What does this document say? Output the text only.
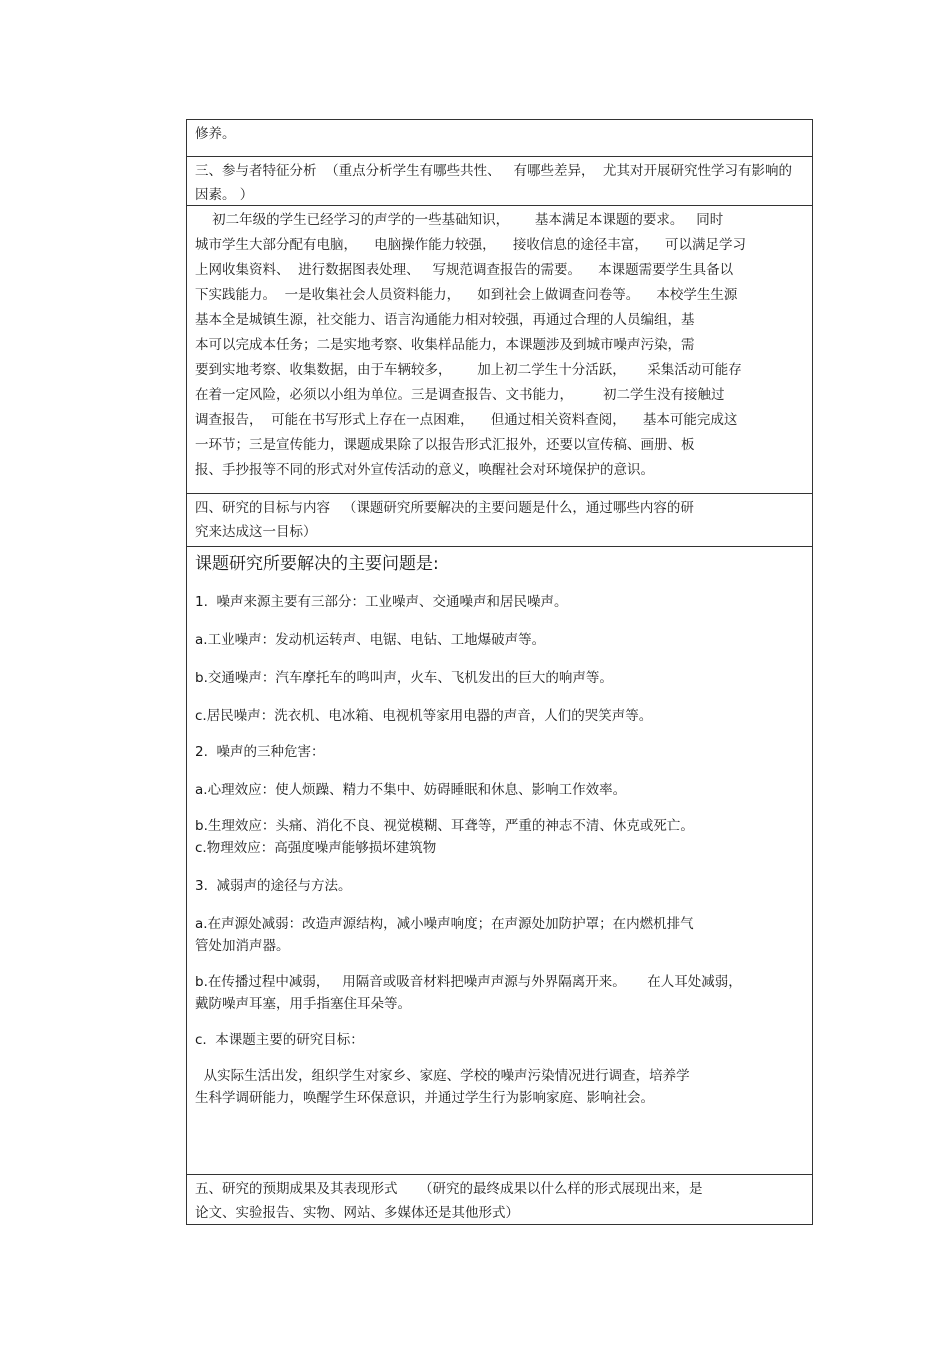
修养。
三、参与者特征分析  （重点分析学生有哪些共性、   有哪些差异，  尤其对开展研究性学习有影响的因素。 ）
初二年级的学生已经学习的声学的一些基础知识，      基本满足本课题的要求。   同时
城市学生大部分配有电脑，    电脑操作能力较强，    接收信息的途径丰富，    可以满足学习
上网收集资料、  进行数据图表处理、   写规范调查报告的需要。    本课题需要学生具备以
下实践能力。  一是收集社会人员资料能力，    如到社会上做调查问卷等。    本校学生生源
基本全是城镇生源，社交能力、语言沟通能力相对较强，再通过合理的人员编组，基
本可以完成本任务；二是实地考察、收集样品能力，本课题涉及到城市噪声污染，需
要到实地考察、收集数据，由于车辆较多，      加上初二学生十分活跃，     采集活动可能存
在着一定风险，必须以小组为单位。三是调查报告、文书能力，       初二学生没有接触过
调查报告，  可能在书写形式上存在一点困难，    但通过相关资料查阅，    基本可能完成这
一环节；三是宣传能力，课题成果除了以报告形式汇报外，还要以宣传稿、画册、板
报、手抄报等不同的形式对外宣传活动的意义，唤醒社会对环境保护的意识。
四、研究的目标与内容   （课题研究所要解决的主要问题是什么，通过哪些内容的研
究来达成这一目标）
课题研究所要解决的主要问题是:
1.  噪声来源主要有三部分：工业噪声、交通噪声和居民噪声。
a.工业噪声：发动机运转声、电锯、电钻、工地爆破声等。
b.交通噪声：汽车摩托车的鸣叫声，火车、飞机发出的巨大的响声等。
c.居民噪声：洗衣机、电冰箱、电视机等家用电器的声音，人们的哭笑声等。
2.  噪声的三种危害：
a.心理效应：使人烦躁、精力不集中、妨碍睡眠和休息、影响工作效率。
b.生理效应：头痛、消化不良、视觉模糊、耳聋等，严重的神志不清、休克或死亡。
c.物理效应：高强度噪声能够损坏建筑物
3.  减弱声的途径与方法。
a.在声源处减弱：改造声源结构，减小噪声响度；在声源处加防护罩；在内燃机排气
管处加消声器。
b.在传播过程中减弱，   用隔音或吸音材料把噪声声源与外界隔离开来。     在人耳处减弱，
戴防噪声耳塞，用手指塞住耳朵等。
c.  本课题主要的研究目标：
从实际生活出发，组织学生对家乡、家庭、学校的噪声污染情况进行调查，培养学
生科学调研能力，唤醒学生环保意识，并通过学生行为影响家庭、影响社会。
五、研究的预期成果及其表现形式     （研究的最终成果以什么样的形式展现出来，是
论文、实验报告、实物、网站、多媒体还是其他形式）
